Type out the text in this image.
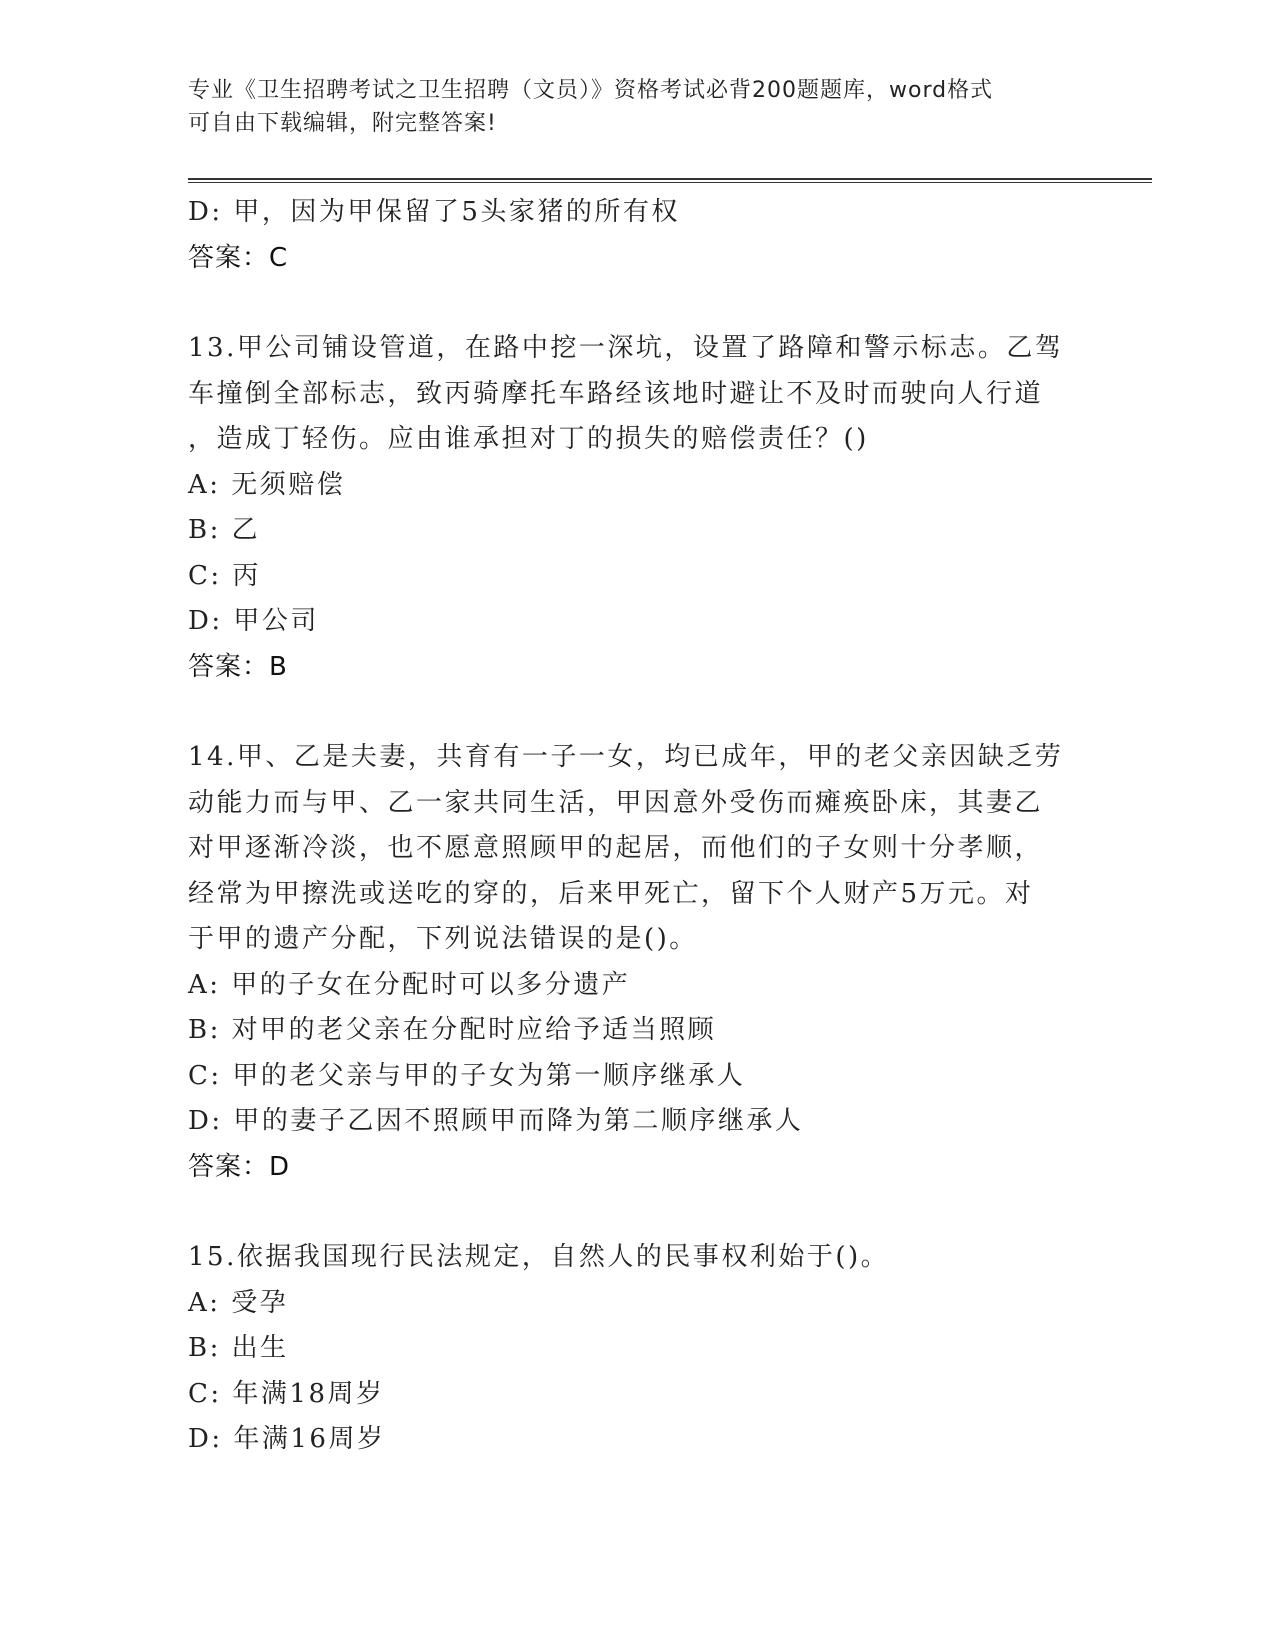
专业《卫生招聘考试之卫生招聘（文员）》资格考试必背200题题库，word格式
可自由下载编辑，附完整答案!
D: 甲，因为甲保留了5头家猪的所有权
答案：C
13.甲公司铺设管道，在路中挖一深坑，设置了路障和警示标志。乙驾
车撞倒全部标志，致丙骑摩托车路经该地时避让不及时而驶向人行道
，造成丁轻伤。应由谁承担对丁的损失的赔偿责任？()
A: 无须赔偿
B: 乙
C: 丙
D: 甲公司
答案：B
14.甲、乙是夫妻，共育有一子一女，均已成年，甲的老父亲因缺乏劳
动能力而与甲、乙一家共同生活，甲因意外受伤而瘫痪卧床，其妻乙
对甲逐渐冷淡，也不愿意照顾甲的起居，而他们的子女则十分孝顺，
经常为甲擦洗或送吃的穿的，后来甲死亡，留下个人财产5万元。对
于甲的遗产分配，下列说法错误的是()。
A: 甲的子女在分配时可以多分遗产
B: 对甲的老父亲在分配时应给予适当照顾
C: 甲的老父亲与甲的子女为第一顺序继承人
D: 甲的妻子乙因不照顾甲而降为第二顺序继承人
答案：D
15.依据我国现行民法规定，自然人的民事权利始于()。
A: 受孕
B: 出生
C: 年满18周岁
D: 年满16周岁
